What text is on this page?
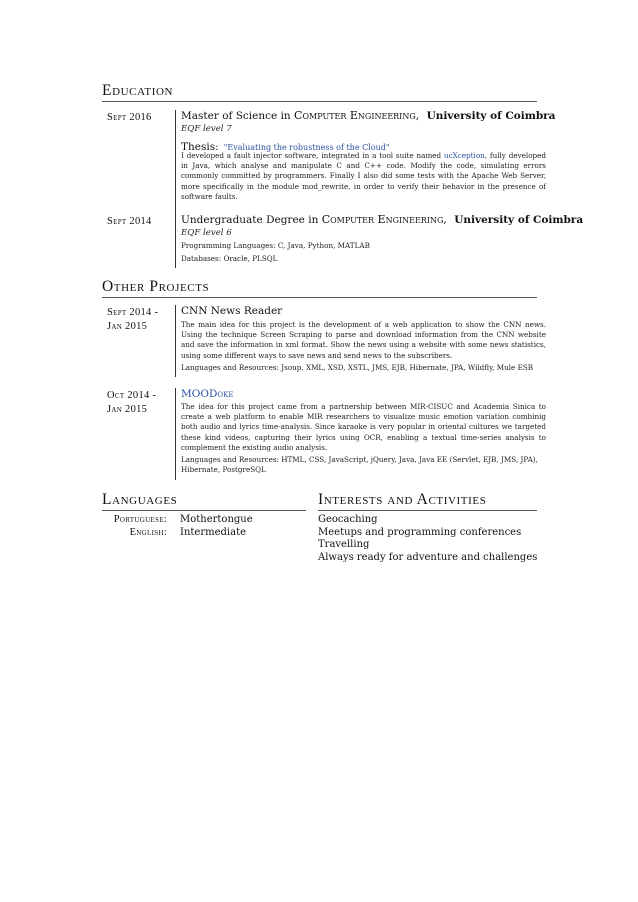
Education
Sept 2016	Master of Science in Computer Engineering, University of Coimbra
EQF level 7
Thesis: "Evaluating the robustness of the Cloud"
I developed a fault injector software, integrated in a tool suite named ucXception, fully developed in Java, which analyse and manipulate C and C++ code. Modify the code, simulating errors commonly committed by programmers. Finally I also did some tests with the Apache Web Server, more specifically in the module mod_rewrite, in order to verify their behavior in the presence of software faults.
Sept 2014	Undergraduate Degree in Computer Engineering, University of Coimbra
EQF level 6
Programming Languages: C, Java, Python, MATLAB
Databases: Oracle, PLSQL
Other Projects
Sept 2014 -
Jan 2015
CNN News Reader
The main idea for this project is the development of a web application to show the CNN news. Using the technique Screen Scraping to parse and download information from the CNN website and save the information in xml format. Show the news using a website with some news statistics, using some different ways to save news and send news to the subscribers.
Languages and Resources: Jsoup, XML, XSD, XSTL, JMS, EJB, Hibernate, JPA, Wildfly, Mule ESB
Oct 2014 -
Jan 2015
MOODoke
The idea for this project came from a partnership between MIR-CISUC and Academia Sinica to create a web platform to enable MIR researchers to visualize music emotion variation combinig both audio and lyrics time-analysis. Since karaoke is very popular in oriental cultures we targeted these kind videos, capturing their lyrics using OCR, enabling a textual time-series analysis to complement the existing audio analysis.
Languages and Resources: HTML, CSS, JavaScript, jQuery, Java, Java EE (Servlet, EJB, JMS, JPA), Hibernate, PostgreSQL
Languages
Portuguese: Mothertongue
English: Intermediate
Interests and Activities
Geocaching
Meetups and programming conferences
Travelling
Always ready for adventure and challenges
